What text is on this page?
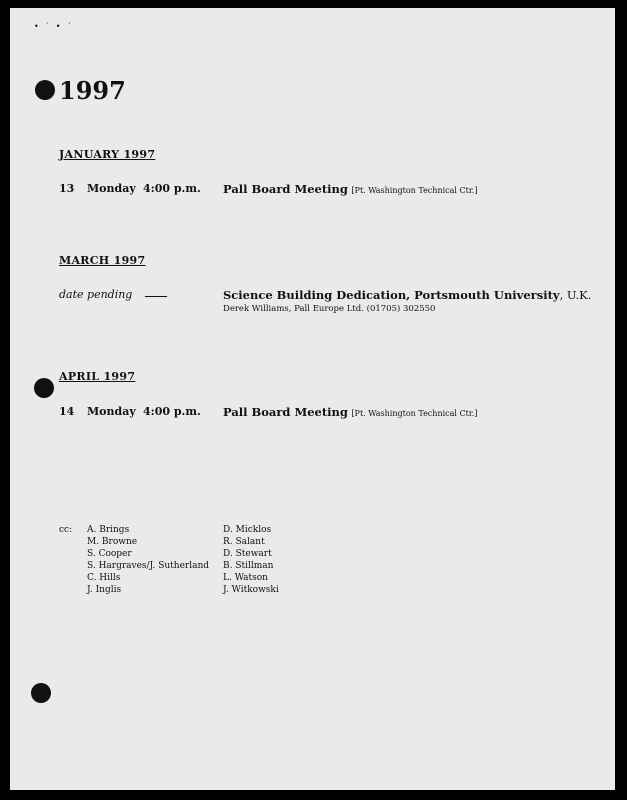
• ˙ • ´
1997
JANUARY 1997
13 Monday 4:00 p.m. Pall Board Meeting [Pt. Washington Technical Ctr.]
MARCH 1997
date pending	Science Building Dedication, Portsmouth University, U.K.
Derek Williams, Pall Europe Ltd. (01705) 302550
APRIL 1997
14 Monday 4:00 p.m. Pall Board Meeting [Pt. Washington Technical Ctr.]
cc: A. Brings
M. Browne
S. Cooper
S. Hargraves/J. Sutherland
C. Hills
J. Inglis
D. Micklos
R. Salant
D. Stewart
B. Stillman
L. Watson
J. Witkowski
